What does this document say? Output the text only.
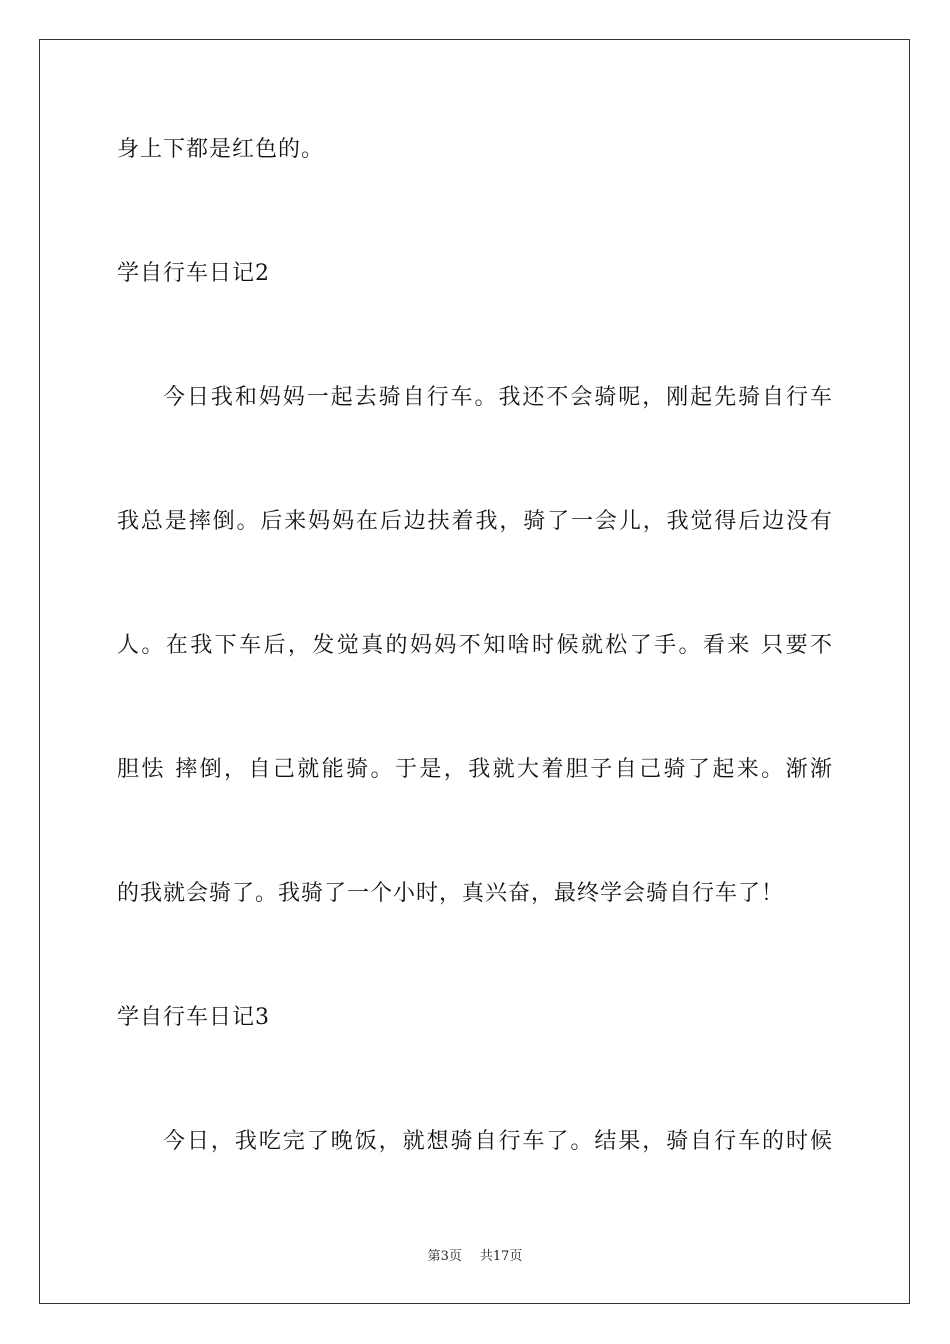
身上下都是红色的。
学自行车日记2
今日我和妈妈一起去骑自行车。我还不会骑呢，刚起先骑自行车
我总是摔倒。后来妈妈在后边扶着我，骑了一会儿，我觉得后边没有
人。在我下车后，发觉真的妈妈不知啥时候就松了手。看来 只要不
胆怯 摔倒，自己就能骑。于是，我就大着胆子自己骑了起来。渐渐
的我就会骑了。我骑了一个小时，真兴奋，最终学会骑自行车了！
学自行车日记3
今日，我吃完了晚饭，就想骑自行车了。结果，骑自行车的时候
第3页 共17页
